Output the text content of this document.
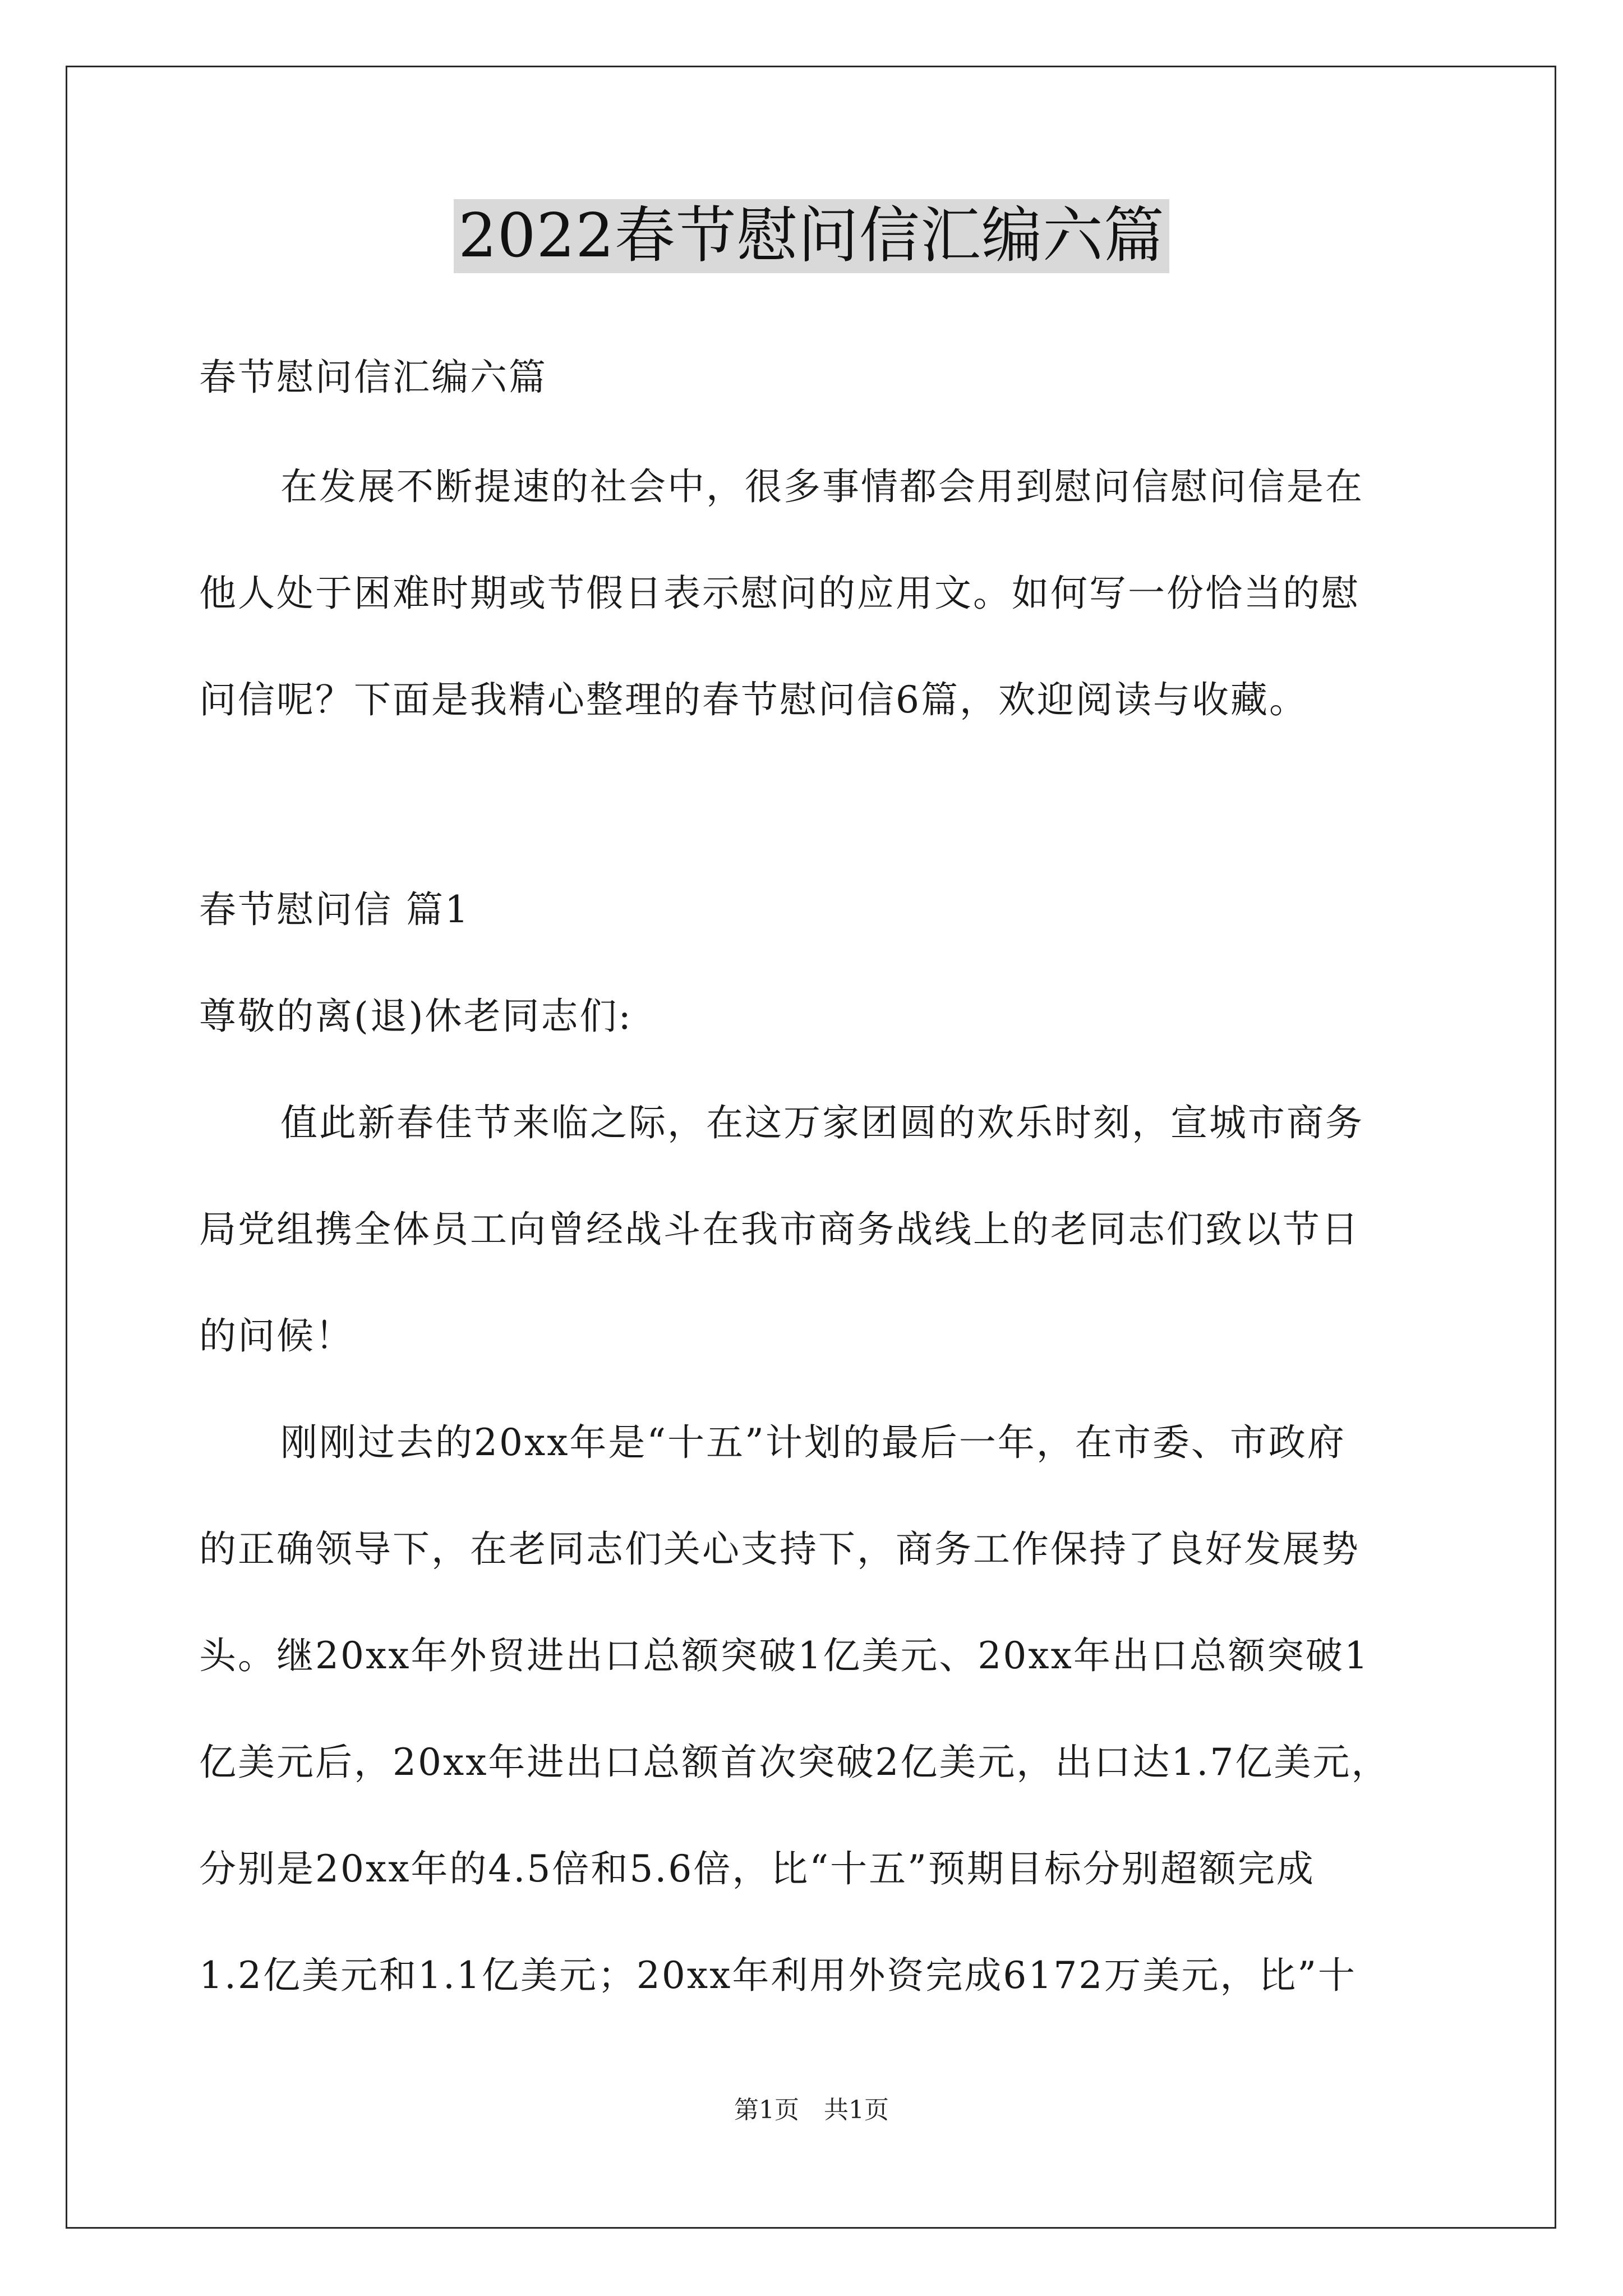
2022春节慰问信汇编六篇
春节慰问信汇编六篇
在发展不断提速的社会中，很多事情都会用到慰问信慰问信是在
他人处于困难时期或节假日表示慰问的应用文。如何写一份恰当的慰
问信呢？下面是我精心整理的春节慰问信6篇，欢迎阅读与收藏。
春节慰问信 篇1
尊敬的离(退)休老同志们:
值此新春佳节来临之际，在这万家团圆的欢乐时刻，宣城市商务
局党组携全体员工向曾经战斗在我市商务战线上的老同志们致以节日
的问候！
刚刚过去的20xx年是“十五”计划的最后一年，在市委、市政府
的正确领导下，在老同志们关心支持下，商务工作保持了良好发展势
头。继20xx年外贸进出口总额突破1亿美元、20xx年出口总额突破1
亿美元后，20xx年进出口总额首次突破2亿美元，出口达1.7亿美元，
分别是20xx年的4.5倍和5.6倍，比“十五”预期目标分别超额完成
1.2亿美元和1.1亿美元；20xx年利用外资完成6172万美元，比”十
第1页　共1页
